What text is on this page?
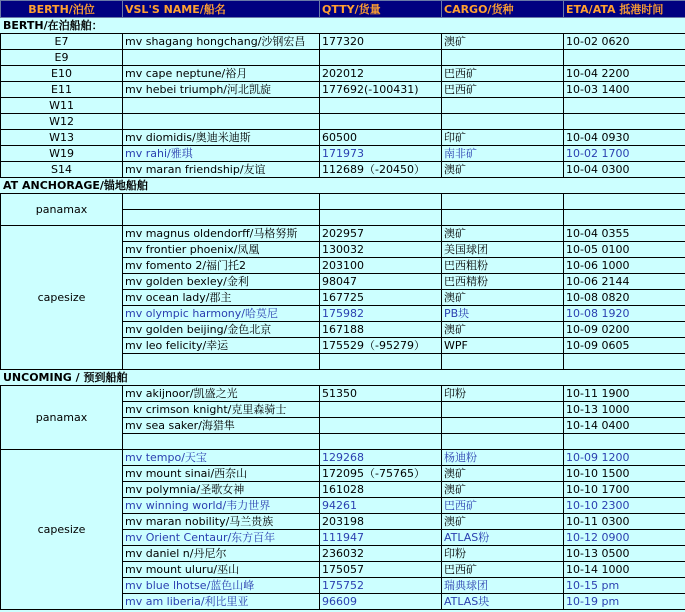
BERTH/泊位	VSL'S NAME/船名	QTTY/货量	CARGO/货种	ETA/ATA 抵港时间
BERTH/在泊船舶：				
E7	mv shagang hongchang/沙钢宏昌	177320	澳矿	10-02 0620
E9				
E10	mv cape neptune/裕月	202012	巴西矿	10-04 2200
E11	mv hebei triumph/河北凯旋	177692(-100431)	巴西矿	10-03 1400
W11				
W12				
W13	mv diomidis/奥迪米迪斯	60500	印矿	10-04 0930
W19	mv rahi/雅琪	171973	南非矿	10-02 1700
S14	mv maran friendship/友谊	112689（-20450）	澳矿	10-04 0300
AT ANCHORAGE/锚地船舶				
panamax				

capesize	mv magnus oldendorff/马格努斯	202957	澳矿	10-04 0355
	mv frontier phoenix/凤凰	130032	美国球团	10-05 0100
	mv fomento 2/福门托2	203100	巴西粗粉	10-06 1000
	mv golden bexley/金利	98047	巴西精粉	10-06 2144
	mv ocean lady/郡主	167725	澳矿	10-08 0820
	mv olympic harmony/哈莫尼	175982	PB块	10-08 1920
	mv golden beijing/金色北京	167188	澳矿	10-09 0200
	mv leo felicity/幸运	175529（-95279）	WPF	10-09 0605

UNCOMING / 预到船舶				
panamax	mv akijnoor/凯盛之光	51350	印粉	10-11 1900
	mv crimson knight/克里森骑士			10-13 1000
	mv sea saker/海猎隼			10-14 0400

capesize	mv tempo/天宝	129268	杨迪粉	10-09 1200
	mv mount sinai/西奈山	172095（-75765）	澳矿	10-10 1500
	mv polymnia/圣歌女神	161028	澳矿	10-10 1700
	mv winning world/韦力世界	94261	巴西矿	10-10 2300
	mv maran nobility/马兰贵族	203198	澳矿	10-11 0300
	mv Orient Centaur/东方百年	111947	ATLAS粉	10-12 0900
	mv daniel n/丹尼尔	236032	印粉	10-13 0500
	mv mount uluru/巫山	175057	巴西矿	10-14 1000
	mv blue lhotse/蓝色山峰	175752	瑞典球团	10-15 pm
	mv am liberia/利比里亚	96609	ATLAS块	10-19 pm
